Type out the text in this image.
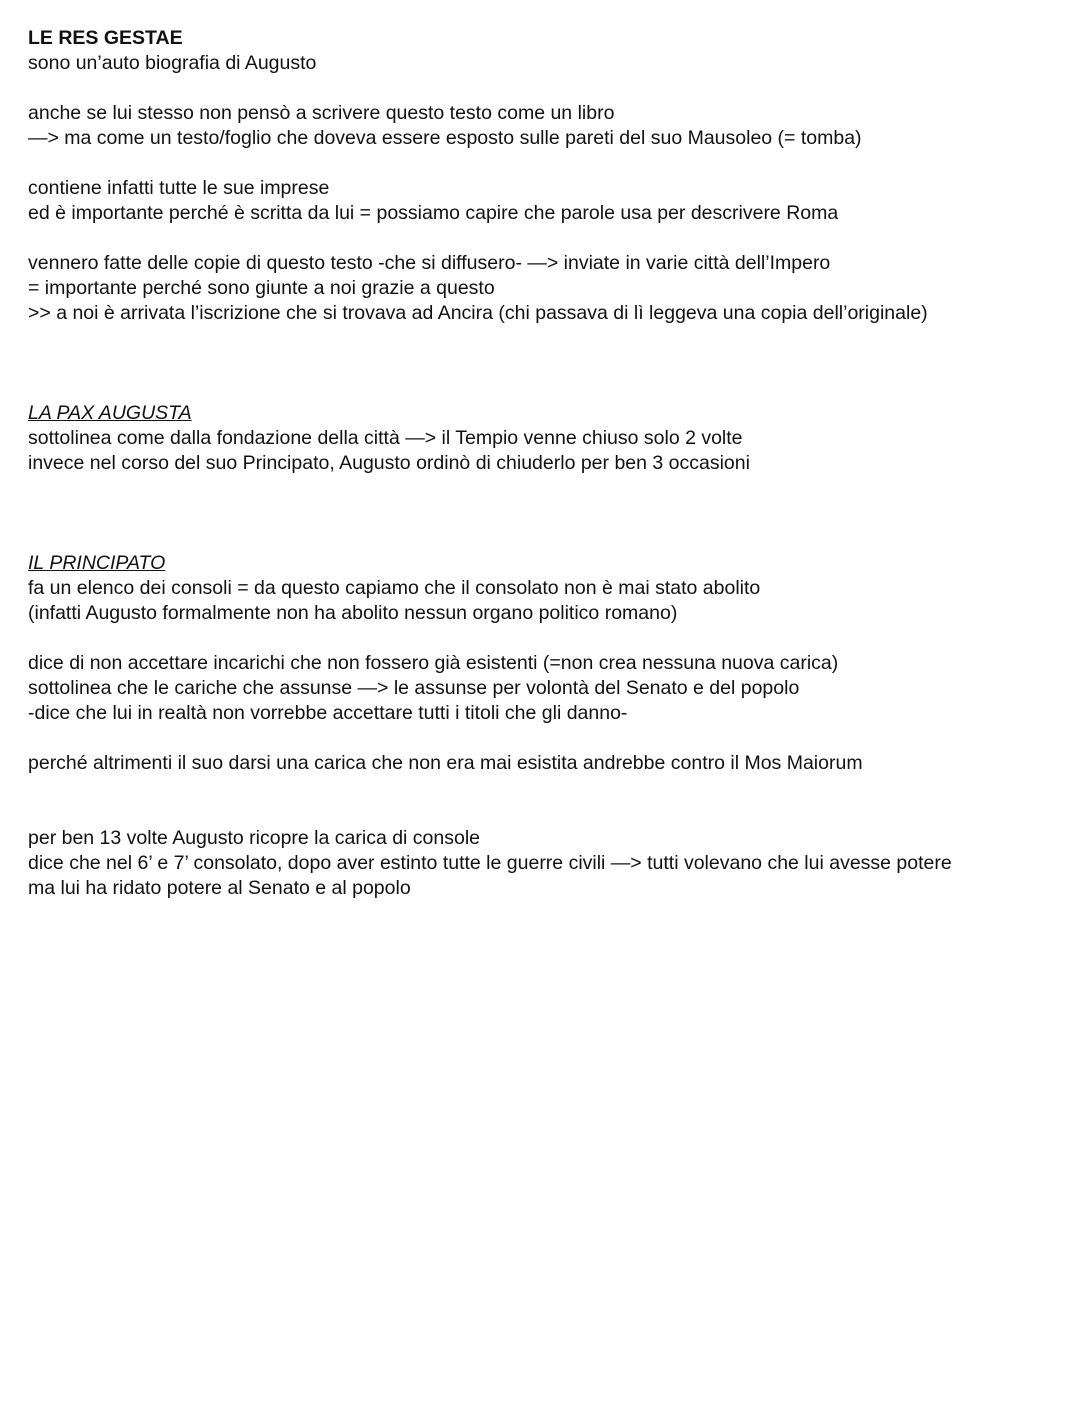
LE RES GESTAE
sono un’auto biografia di Augusto
anche se lui stesso non pensò a scrivere questo testo come un libro
—> ma come un testo/foglio che doveva essere esposto sulle pareti del suo Mausoleo (= tomba)
contiene infatti tutte le sue imprese
ed è importante perché è scritta da lui = possiamo capire che parole usa per descrivere Roma
vennero fatte delle copie di questo testo -che si diffusero- —> inviate in varie città dell’Impero
= importante perché sono giunte a noi grazie a questo
>> a noi è arrivata l’iscrizione che si trovava ad Ancira (chi passava di lì leggeva una copia dell’originale)
LA PAX AUGUSTA
sottolinea come dalla fondazione della città —> il Tempio venne chiuso solo 2 volte
invece nel corso del suo Principato, Augusto ordinò di chiuderlo per ben 3 occasioni
IL PRINCIPATO
fa un elenco dei consoli = da questo capiamo che il consolato non è mai stato abolito
(infatti Augusto formalmente non ha abolito nessun organo politico romano)
dice di non accettare incarichi che non fossero già esistenti (=non crea nessuna nuova carica)
sottolinea che le cariche che assunse —> le assunse per volontà del Senato e del popolo
-dice che lui in realtà non vorrebbe accettare tutti i titoli che gli danno-
perché altrimenti il suo darsi una carica che non era mai esistita andrebbe contro il Mos Maiorum
per ben 13 volte Augusto ricopre la carica di console
dice che nel 6’ e 7’ consolato, dopo aver estinto tutte le guerre civili —> tutti volevano che lui avesse potere
ma lui ha ridato potere al Senato e al popolo
